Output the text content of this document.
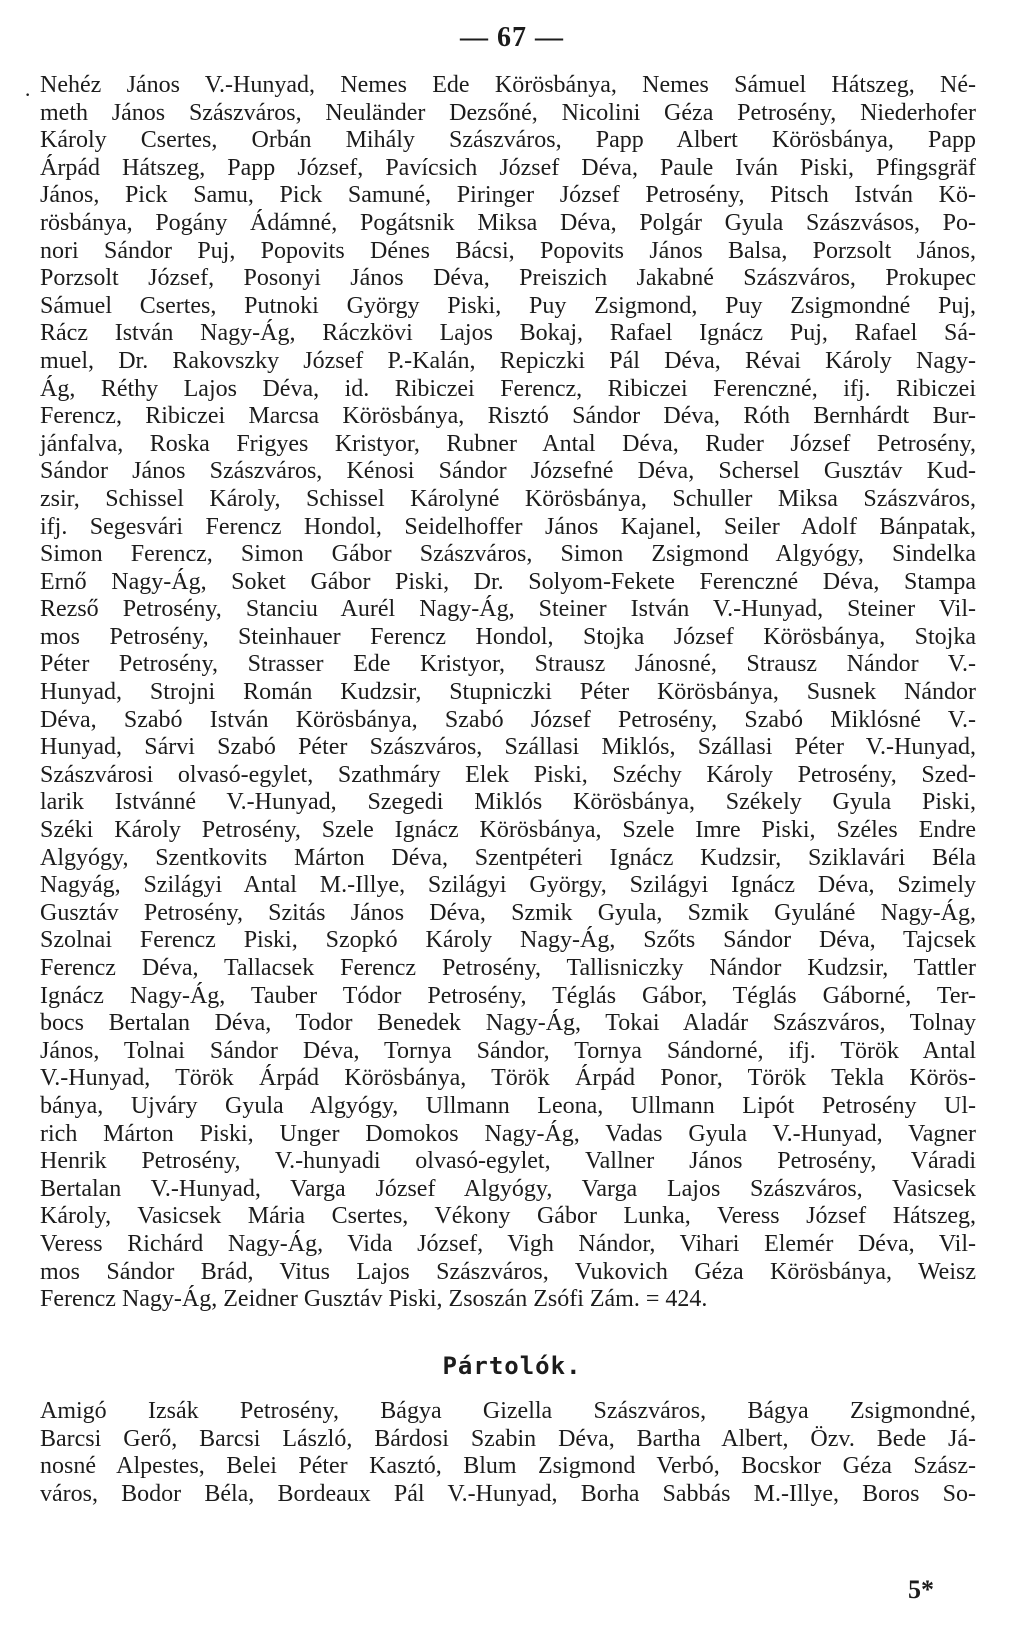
— 67 —
· Nehéz János V.-Hunyad, Nemes Ede Körösbánya, Nemes Sámuel Hátszeg, Né-
meth János Szászváros, Neuländer Dezsőné, Nicolini Géza Petrosény, Niederhofer
Károly Csertes, Orbán Mihály Szászváros, Papp Albert Körösbánya, Papp
Árpád Hátszeg, Papp József, Pavícsich József Déva, Paule Iván Piski, Pfingsgräf
János, Pick Samu, Pick Samuné, Piringer József Petrosény, Pitsch István Kö-
rösbánya, Pogány Ádámné, Pogátsnik Miksa Déva, Polgár Gyula Szászvásos, Po-
nori Sándor Puj, Popovits Dénes Bácsi, Popovits János Balsa, Porzsolt János,
Porzsolt József, Posonyi János Déva, Preiszich Jakabné Szászváros, Prokupec
Sámuel Csertes, Putnoki György Piski, Puy Zsigmond, Puy Zsigmondné Puj,
Rácz István Nagy-Ág, Ráczkövi Lajos Bokaj, Rafael Ignácz Puj, Rafael Sá-
muel, Dr. Rakovszky József P.-Kalán, Repiczki Pál Déva, Révai Károly Nagy-
Ág, Réthy Lajos Déva, id. Ribiczei Ferencz, Ribiczei Ferenczné, ifj. Ribiczei
Ferencz, Ribiczei Marcsa Körösbánya, Risztó Sándor Déva, Róth Bernhárdt Bur-
jánfalva, Roska Frigyes Kristyor, Rubner Antal Déva, Ruder József Petrosény,
Sándor János Szászváros, Kénosi Sándor Józsefné Déva, Schersel Gusztáv Kud-
zsir, Schissel Károly, Schissel Károlyné Körösbánya, Schuller Miksa Szászváros,
ifj. Segesvári Ferencz Hondol, Seidelhoffer János Kajanel, Seiler Adolf Bánpatak,
Simon Ferencz, Simon Gábor Szászváros, Simon Zsigmond Algyógy, Sindelka
Ernő Nagy-Ág, Soket Gábor Piski, Dr. Solyom-Fekete Ferenczné Déva, Stampa
Rezső Petrosény, Stanciu Aurél Nagy-Ág, Steiner István V.-Hunyad, Steiner Vil-
mos Petrosény, Steinhauer Ferencz Hondol, Stojka József Körösbánya, Stojka
Péter Petrosény, Strasser Ede Kristyor, Strausz Jánosné, Strausz Nándor V.-
Hunyad, Strojni Román Kudzsir, Stupniczki Péter Körösbánya, Susnek Nándor
Déva, Szabó István Körösbánya, Szabó József Petrosény, Szabó Miklósné V.-
Hunyad, Sárvi Szabó Péter Szászváros, Szállasi Miklós, Szállasi Péter V.-Hunyad,
Szászvárosi olvasó-egylet, Szathmáry Elek Piski, Széchy Károly Petrosény, Szed-
larik Istvánné V.-Hunyad, Szegedi Miklós Körösbánya, Székely Gyula Piski,
Széki Károly Petrosény, Szele Ignácz Körösbánya, Szele Imre Piski, Széles Endre
Algyógy, Szentkovits Márton Déva, Szentpéteri Ignácz Kudzsir, Sziklavári Béla
Nagyág, Szilágyi Antal M.-Illye, Szilágyi György, Szilágyi Ignácz Déva, Szimely
Gusztáv Petrosény, Szitás János Déva, Szmik Gyula, Szmik Gyuláné Nagy-Ág,
Szolnai Ferencz Piski, Szopkó Károly Nagy-Ág, Szőts Sándor Déva, Tajcsek
Ferencz Déva, Tallacsek Ferencz Petrosény, Tallisniczky Nándor Kudzsir, Tattler
Ignácz Nagy-Ág, Tauber Tódor Petrosény, Téglás Gábor, Téglás Gáborné, Ter-
bocs Bertalan Déva, Todor Benedek Nagy-Ág, Tokai Aladár Szászváros, Tolnay
János, Tolnai Sándor Déva, Tornya Sándor, Tornya Sándorné, ifj. Török Antal
V.-Hunyad, Török Árpád Körösbánya, Török Árpád Ponor, Török Tekla Körös-
bánya, Ujváry Gyula Algyógy, Ullmann Leona, Ullmann Lipót Petrosény Ul-
rich Márton Piski, Unger Domokos Nagy-Ág, Vadas Gyula V.-Hunyad, Vagner
Henrik Petrosény, V.-hunyadi olvasó-egylet, Vallner János Petrosény, Váradi
Bertalan V.-Hunyad, Varga József Algyógy, Varga Lajos Szászváros, Vasicsek
Károly, Vasicsek Mária Csertes, Vékony Gábor Lunka, Veress József Hátszeg,
Veress Richárd Nagy-Ág, Vida József, Vigh Nándor, Vihari Elemér Déva, Vil-
mos Sándor Brád, Vitus Lajos Szászváros, Vukovich Géza Körösbánya, Weisz
Ferencz Nagy-Ág, Zeidner Gusztáv Piski, Zsoszán Zsófi Zám. = 424.
Pártolók.
Amigó Izsák Petrosény, Bágya Gizella Szászváros, Bágya Zsigmondné,
Barcsi Gerő, Barcsi László, Bárdosi Szabin Déva, Bartha Albert, Özv. Bede Já-
nosné Alpestes, Belei Péter Kasztó, Blum Zsigmond Verbó, Bocskor Géza Szász-
város, Bodor Béla, Bordeaux Pál V.-Hunyad, Borha Sabbás M.-Illye, Boros So-
5*
